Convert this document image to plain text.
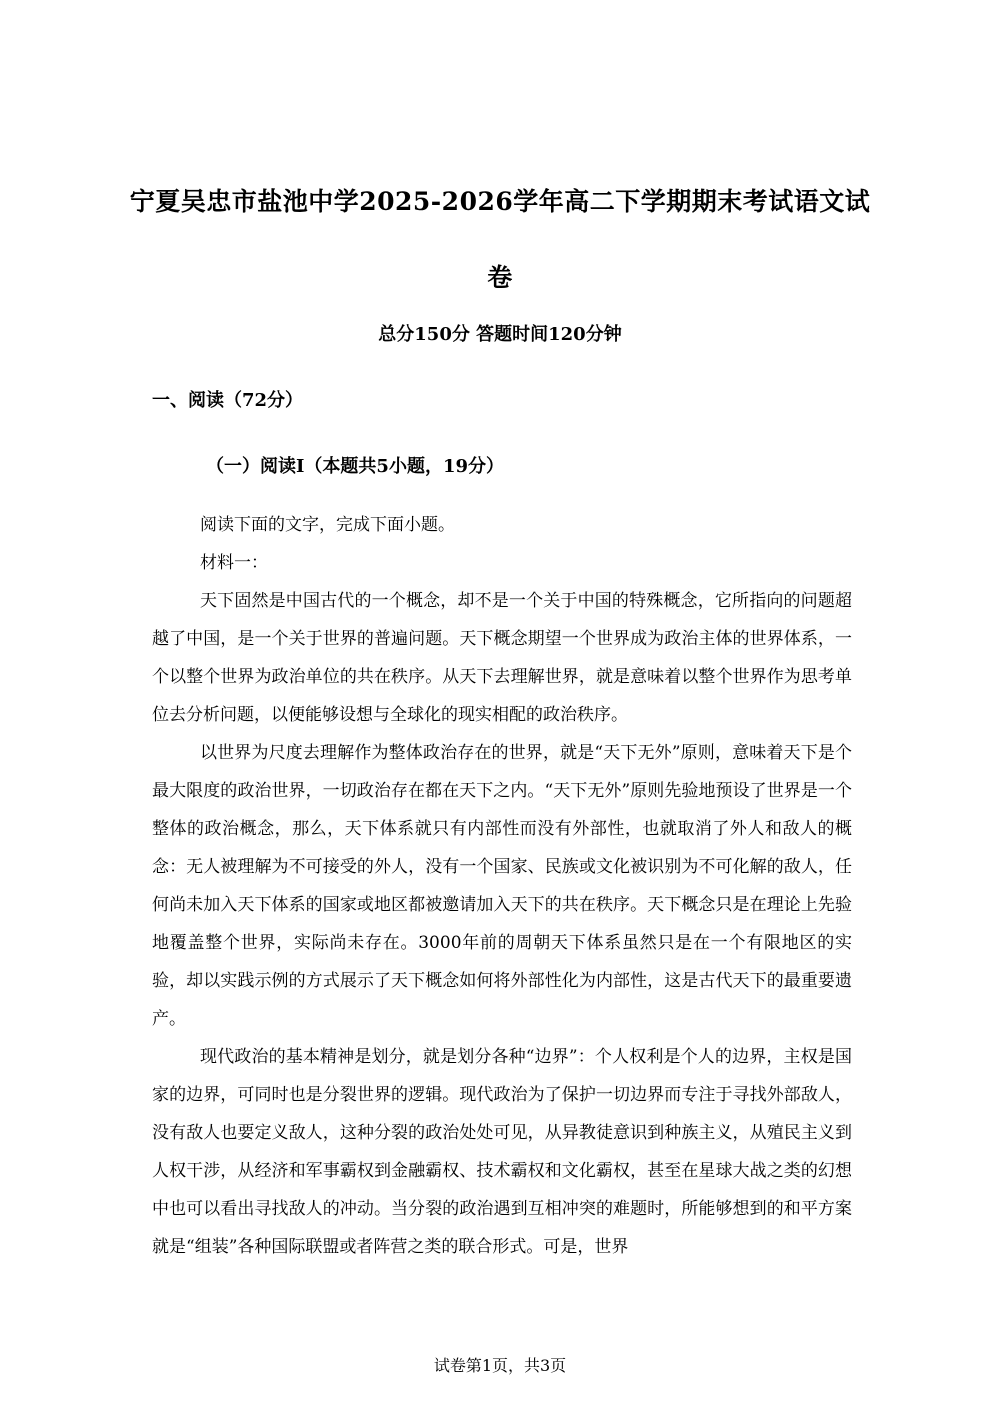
宁夏吴忠市盐池中学2025-2026学年高二下学期期末考试语文试卷
总分150分 答题时间120分钟
一、阅读（72分）
（一）阅读Ⅰ（本题共5小题，19分）

阅读下面的文字，完成下面小题。

材料一：

天下固然是中国古代的一个概念，却不是一个关于中国的特殊概念，它所指向的问题超越了中国，是一个关于世界的普遍问题。天下概念期望一个世界成为政治主体的世界体系，一个以整个世界为政治单位的共在秩序。从天下去理解世界，就是意味着以整个世界作为思考单位去分析问题，以便能够设想与全球化的现实相配的政治秩序。

以世界为尺度去理解作为整体政治存在的世界，就是“天下无外”原则，意味着天下是个最大限度的政治世界，一切政治存在都在天下之内。“天下无外”原则先验地预设了世界是一个整体的政治概念，那么，天下体系就只有内部性而没有外部性，也就取消了外人和敌人的概念：无人被理解为不可接受的外人，没有一个国家、民族或文化被识别为不可化解的敌人，任何尚未加入天下体系的国家或地区都被邀请加入天下的共在秩序。天下概念只是在理论上先验地覆盖整个世界，实际尚未存在。3000年前的周朝天下体系虽然只是在一个有限地区的实验，却以实践示例的方式展示了天下概念如何将外部性化为内部性，这是古代天下的最重要遗产。

现代政治的基本精神是划分，就是划分各种“边界”：个人权利是个人的边界，主权是国家的边界，可同时也是分裂世界的逻辑。现代政治为了保护一切边界而专注于寻找外部敌人，没有敌人也要定义敌人，这种分裂的政治处处可见，从异教徒意识到种族主义，从殖民主义到人权干涉，从经济和军事霸权到金融霸权、技术霸权和文化霸权，甚至在星球大战之类的幻想中也可以看出寻找敌人的冲动。当分裂的政治遇到互相冲突的难题时，所能够想到的和平方案就是“组装”各种国际联盟或者阵营之类的联合形式。可是，世界

试卷第1页，共3页
